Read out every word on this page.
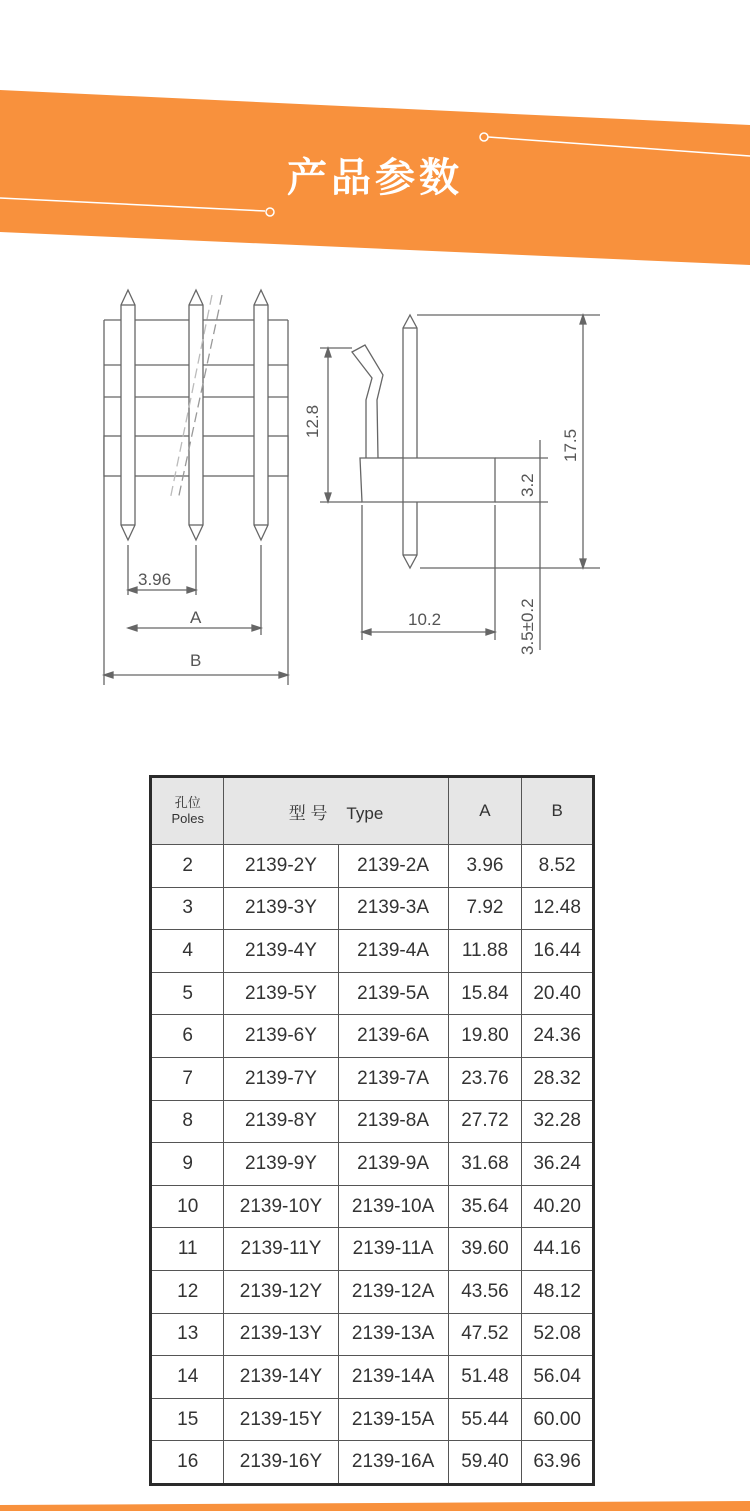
产品参数
3.96
A
B
12.8
17.5
3.2
3.5±0.2
10.2
孔位
Poles	型 号 Type		A	B
2	2139-2Y	2139-2A	3.96	8.52
3	2139-3Y	2139-3A	7.92	12.48
4	2139-4Y	2139-4A	11.88	16.44
5	2139-5Y	2139-5A	15.84	20.40
6	2139-6Y	2139-6A	19.80	24.36
7	2139-7Y	2139-7A	23.76	28.32
8	2139-8Y	2139-8A	27.72	32.28
9	2139-9Y	2139-9A	31.68	36.24
10	2139-10Y	2139-10A	35.64	40.20
11	2139-11Y	2139-11A	39.60	44.16
12	2139-12Y	2139-12A	43.56	48.12
13	2139-13Y	2139-13A	47.52	52.08
14	2139-14Y	2139-14A	51.48	56.04
15	2139-15Y	2139-15A	55.44	60.00
16	2139-16Y	2139-16A	59.40	63.96
